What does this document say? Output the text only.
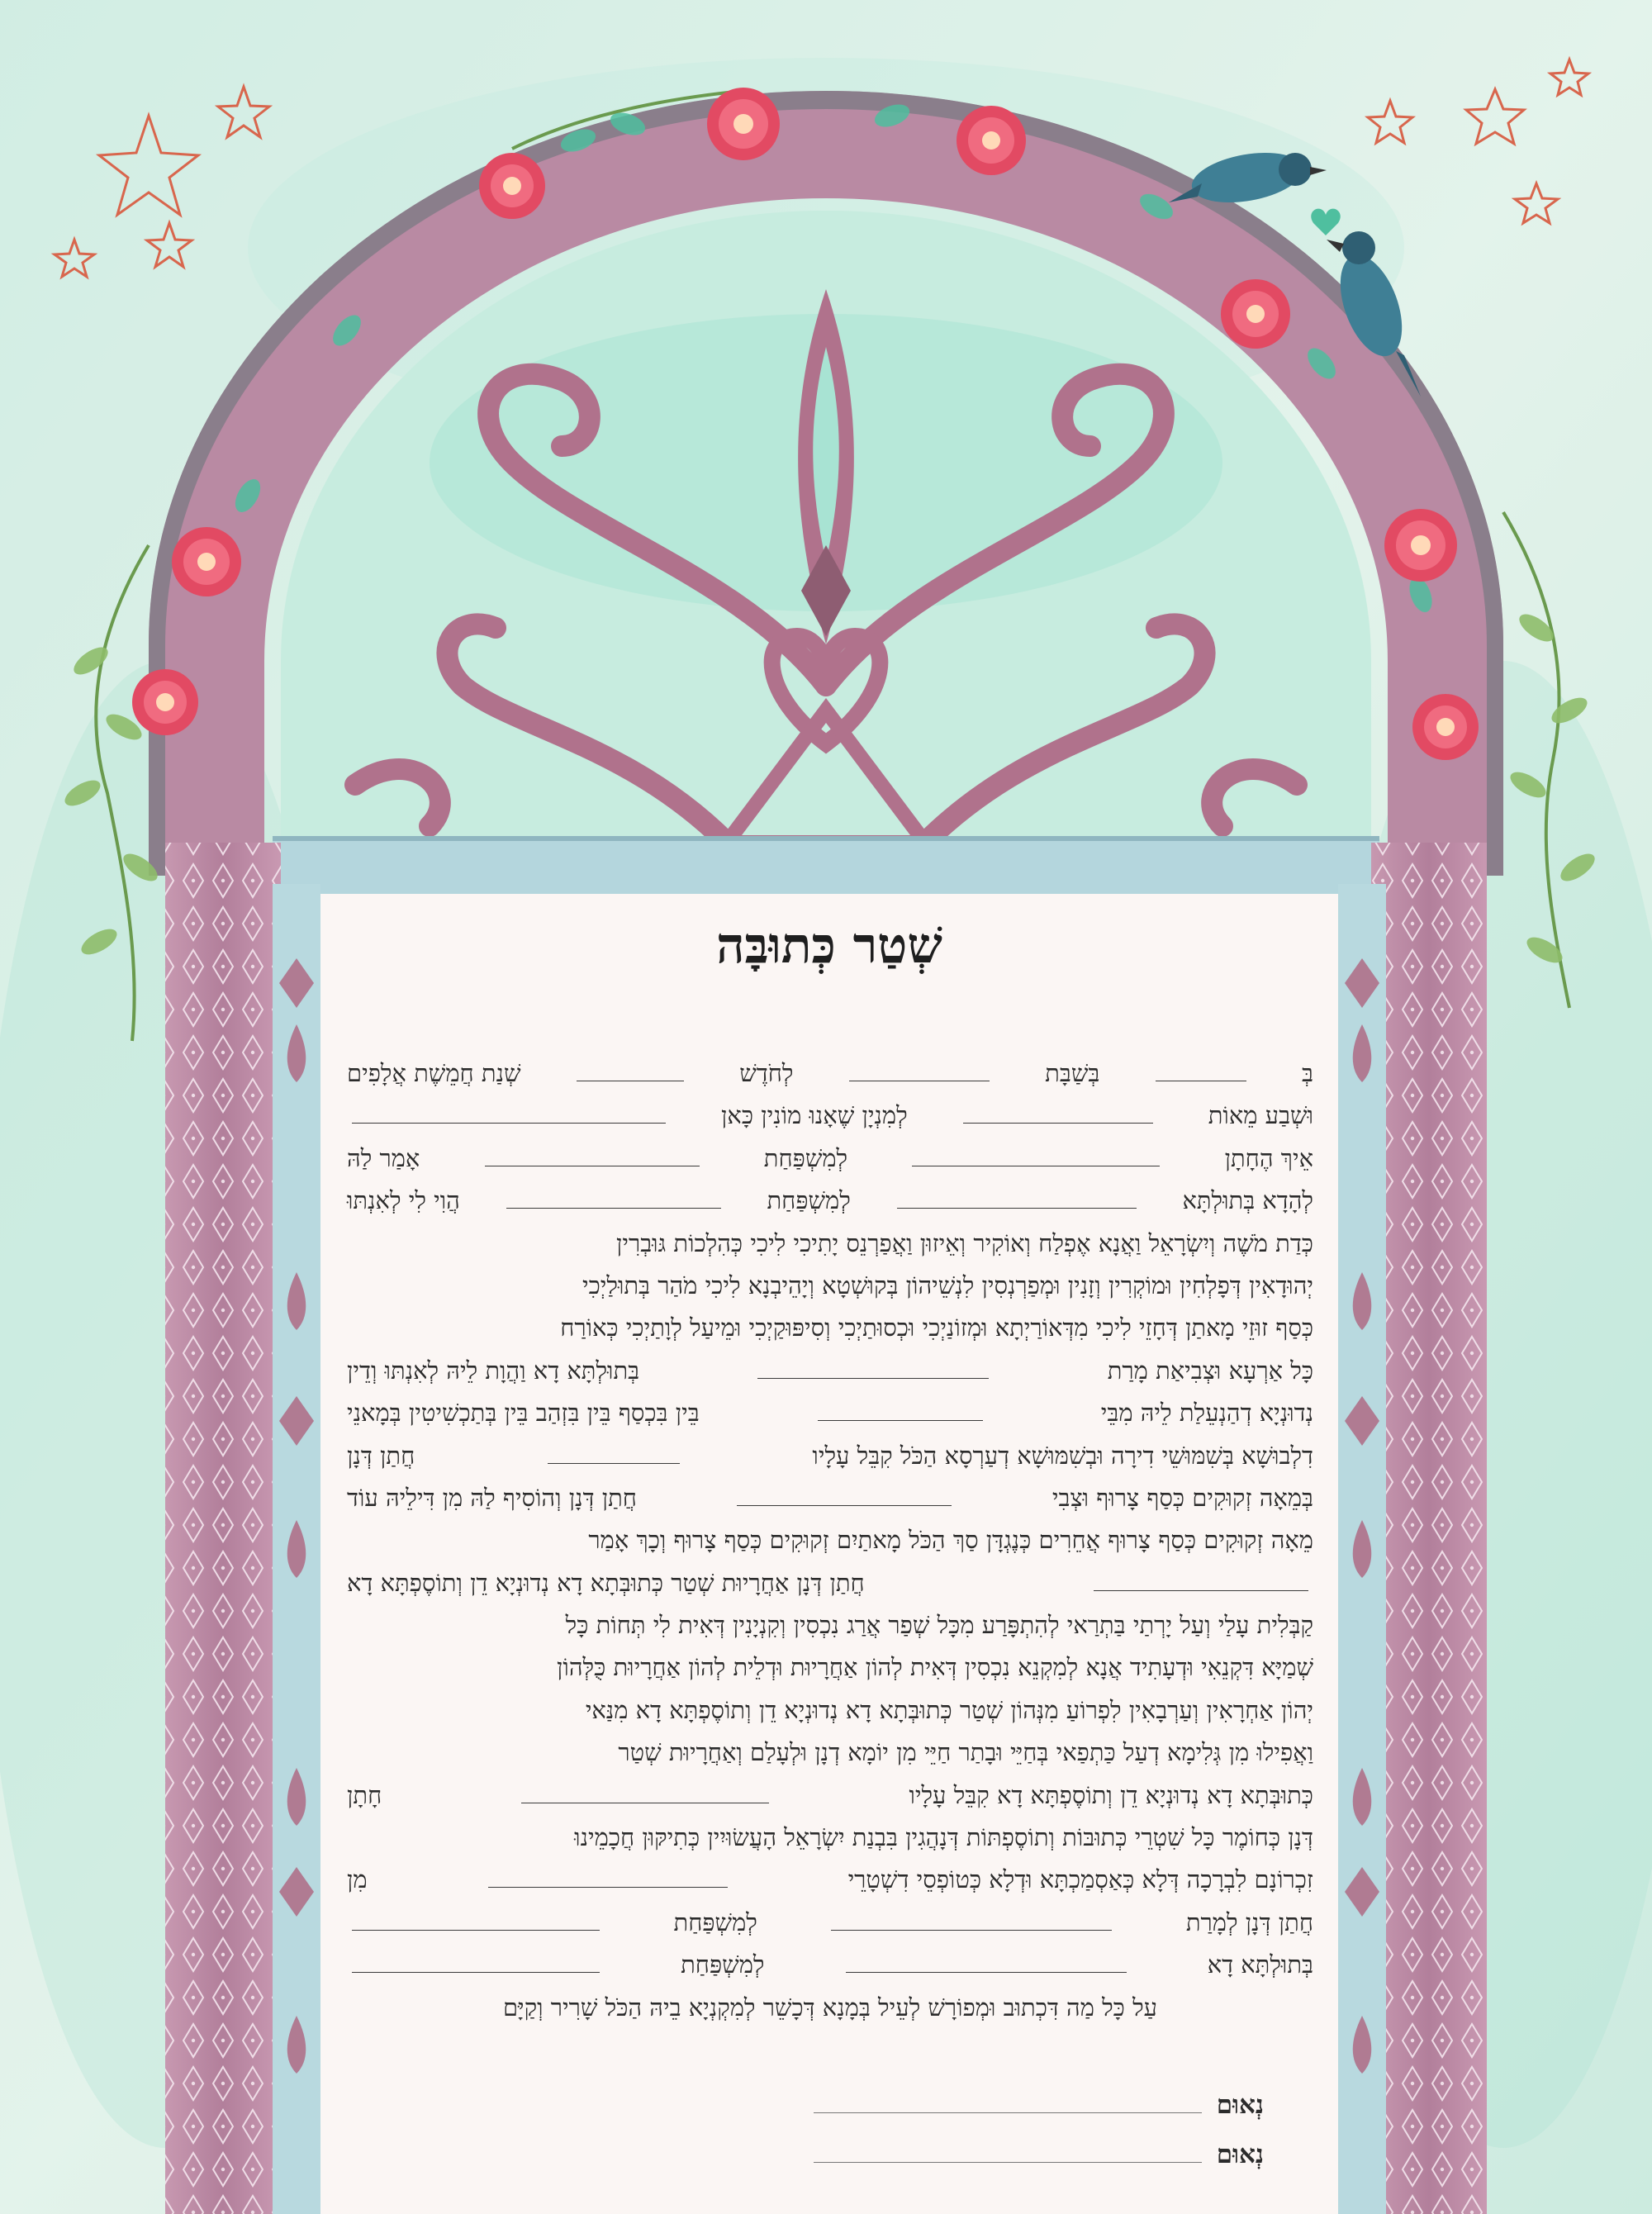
שְׁטַר כְּתוּבָּה
בְּ
בְּשַׁבָּת
לְחֹדֶשׁ
שְׁנַת חֲמֵשֶׁת אֲלָפִים
וּשְׁבַע מֵאוֹת
לְמִנְיָן שֶׁאָנוּ מוֹנִין כָּאן
אֵיךְ הֶחָתָן
לְמִשְׁפַּחַת
אָמַר לַהּ
לְהָדָא בְּתוּלְתָּא
לְמִשְׁפַּחַת
הֲוִי לִי לְאִנְתּוּ
כְּדַת מֹשֶׁה וְיִשְׂרָאֵל וַאֲנָא אֶפְלַח וְאוֹקִיר וְאֵיזוּן וַאֲפַרְנֵס יָתִיכִי לִיכִי כְּהִלְכוֹת גּוּבְרִין
יְהוּדָאִין דְּפָלְחִין וּמוֹקְרִין וְזָנִין וּמְפַרְנְסִין לִנְשֵׁיהוֹן בְּקוּשְׁטָא וְיָהֵיבְנָא לִיכִי מֹהַר בְּתוּלַיְכִי
כְּסַף זוּזֵי מָאתַן דְּחָזֵי לִיכִי מִדְּאוֹרַיְתָא וּמְזוֹנַיְכִי וּכְסוּתַיְכִי וְסִיפּוּקַיְכִי וּמֵיעַל לְוָתַיְכִי כְּאוֹרַח
כָּל אַרְעָא וּצְבִיאַת מָרַת
בְּתוּלְתָּא דָא וַהֲוָת לֵיהּ לְאִנְתּוּ וְדֵין
נְדוּנְיָא דְהַנְעֵלַת לֵיהּ מִבֵּי
בֵּין בִּכְסַף בֵּין בִּזְהַב בֵּין בְּתַכְשִׁיטִין בְּמָאנֵי
דִלְבוּשָׁא בְּשִׁמּוּשֵׁי דִירָה וּבְשִׁמּוּשָׁא דְעַרְסָא הַכֹּל קִבֵּל עָלָיו
חֲתַן דְּנָן
בְּמֵאָה זְקוּקִים כְּסַף צָרוּף וּצְבִי
חֲתַן דְּנָן וְהוֹסִיף לַהּ מִן דִּילֵיהּ עוֹד
מֵאָה זְקוּקִים כְּסַף צָרוּף אֲחֵרִים כְּנֶגְדָּן סַךְ הַכֹּל מָאתַיִם זְקוּקִים כְּסַף צָרוּף וְכָךְ אָמַר
חֲתַן דְּנָן אַחֲרָיוּת שְׁטַר כְּתוּבְּתָא דָא נְדוּנְיָא דֵן וְתוֹסֶפְתָּא דָא
קַבְּלִית עָלַי וְעַל יָרְתַי בַּתְרַאי לְהִתְפָּרַע מִכָּל שְׁפַר אֲרַג נִכְסִין וְקִנְיָנִין דְּאִית לִי תְּחוֹת כָּל
שְׁמַיָּא דִּקְנֵאִי וּדְעָתִיד אֲנָא לְמִקְנֵא נִכְסִין דְּאִית לְהוֹן אַחֲרָיוּת וּדְלֵית לְהוֹן אַחֲרָיוּת כֻּלְּהוֹן
יְהוֹן אַחְרָאִין וְעַרְבָאִין לִפְרוֹעַ מִנְּהוֹן שְׁטַר כְּתוּבְּתָא דָא נְדוּנְיָא דֵן וְתוֹסֶפְתָּא דָא מִנַּאי
וַאֲפִילוּ מִן גְּלִימָא דְעַל כַּתְפַאי בְּחַיֵּי וּבָתַר חַיֵּי מִן יוֹמָא דְנָן וּלְעָלַם וְאַחֲרָיוּת שְׁטַר
כְּתוּבְּתָא דָא נְדוּנְיָא דֵן וְתוֹסֶפְתָּא דָא קִבֵּל עָלָיו
חָתָן
דְּנָן כְּחוֹמֶר כָּל שִׁטְרֵי כְּתוּבּוֹת וְתוֹסֶפְתּוֹת דְּנָהֲגִין בִּבְנַת יִשְׂרָאֵל הָעֲשׂוּיִין כְּתִיקּוּן חֲכָמֵינוּ
זִכְרוֹנָם לִבְרָכָה דְּלָא כְּאַסְמַכְתָּא וּדְלָא כְּטוֹפְסֵי דִשְׁטָרֵי
מִן
חֲתַן דְּנָן לְמָרַת
לְמִשְׁפַּחַת
בְּתוּלְתָּא דָא
לְמִשְׁפַּחַת
עַל כָּל מַה דִּכְתוּב וּמְפוֹרָשׁ לְעֵיל בְּמָנָא דְּכָשֵׁר לְמִקְנְיָא בֵיהּ הַכֹּל שָׁרִיר וְקַיָּם
נְאוּם
נְאוּם
